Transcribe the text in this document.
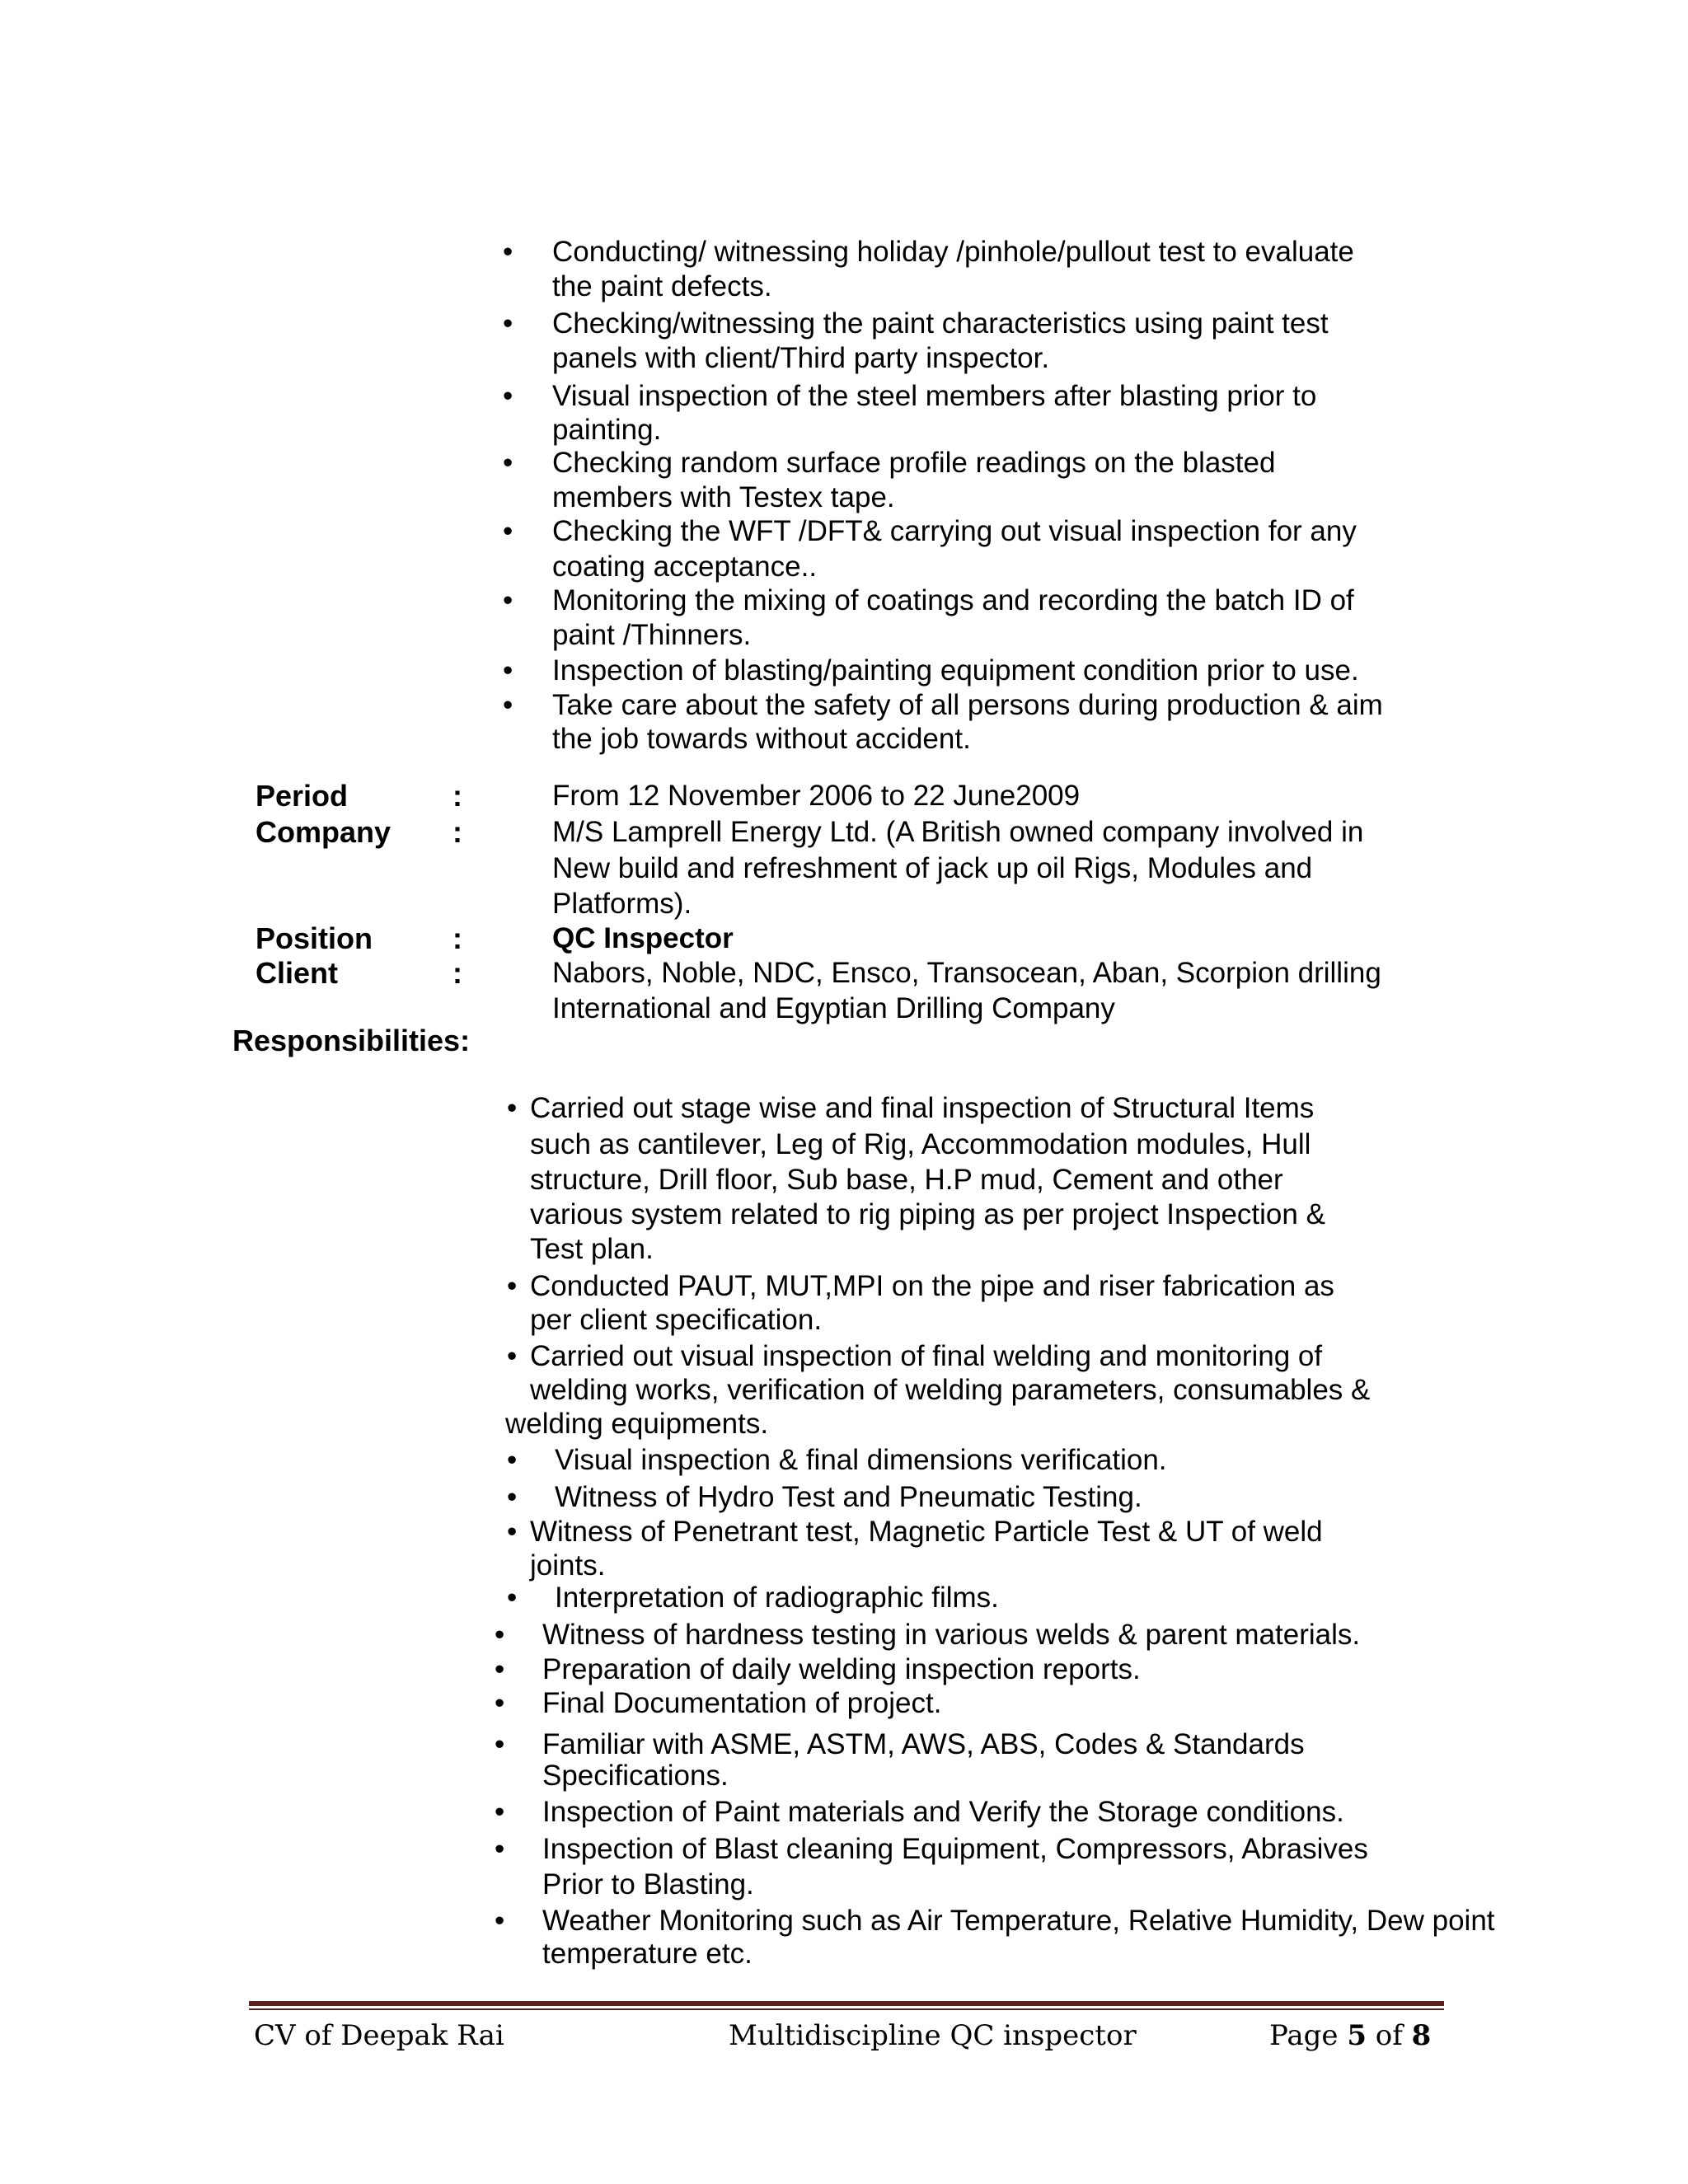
• Conducting/ witnessing holiday /pinhole/pullout test to evaluate
the paint defects.
• Checking/witnessing the paint characteristics using paint test
panels with client/Third party inspector.
• Visual inspection of the steel members after blasting prior to
painting.
• Checking random surface profile readings on the blasted
members with Testex tape.
• Checking the WFT /DFT& carrying out visual inspection for any
coating acceptance..
• Monitoring the mixing of coatings and recording the batch ID of
paint /Thinners.
• Inspection of blasting/painting equipment condition prior to use.
• Take care about the safety of all persons during production & aim
the job towards without accident.
Period	:	From 12 November 2006 to 22 June2009
Company :	M/S Lamprell Energy Ltd. (A British owned company involved in
New build and refreshment of jack up oil Rigs, Modules and
Platforms).
Position	:	QC Inspector
Client	:	Nabors, Noble, NDC, Ensco, Transocean, Aban, Scorpion drilling
International and Egyptian Drilling Company
Responsibilities:
• Carried out stage wise and final inspection of Structural Items
such as cantilever, Leg of Rig, Accommodation modules, Hull
structure, Drill floor, Sub base, H.P mud, Cement and other
various system related to rig piping as per project Inspection &
Test plan.
• Conducted PAUT, MUT,MPI on the pipe and riser fabrication as
per client specification.
• Carried out visual inspection of final welding and monitoring of
welding works, verification of welding parameters, consumables &
welding equipments.
• Visual inspection & final dimensions verification.
• Witness of Hydro Test and Pneumatic Testing.
• Witness of Penetrant test, Magnetic Particle Test & UT of weld
joints.
• Interpretation of radiographic films.
• Witness of hardness testing in various welds & parent materials.
• Preparation of daily welding inspection reports.
• Final Documentation of project.
• Familiar with ASME, ASTM, AWS, ABS, Codes & Standards
Specifications.
• Inspection of Paint materials and Verify the Storage conditions.
• Inspection of Blast cleaning Equipment, Compressors, Abrasives
Prior to Blasting.
• Weather Monitoring such as Air Temperature, Relative Humidity, Dew point
temperature etc.
CV of Deepak Rai	Multidiscipline QC inspector	Page 5 of 8
